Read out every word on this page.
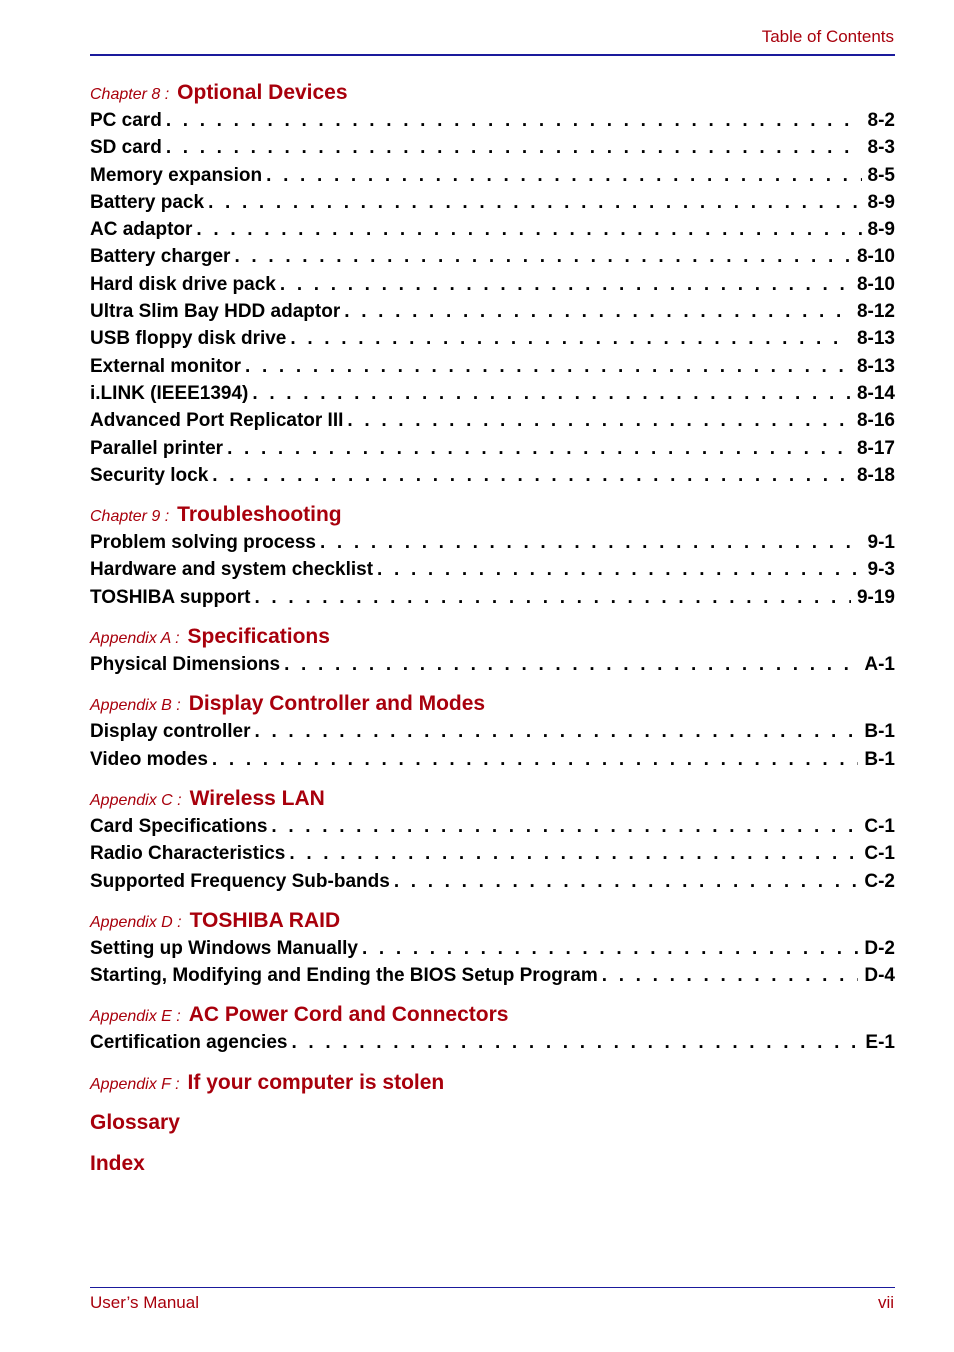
Table of Contents
Chapter 8 : Optional Devices
PC card . . .	8-2
SD card . . .	8-3
Memory expansion . . .	8-5
Battery pack . . .	8-9
AC adaptor . . .	8-9
Battery charger . . .	8-10
Hard disk drive pack . . .	8-10
Ultra Slim Bay HDD adaptor . . .	8-12
USB floppy disk drive . . .	8-13
External monitor . . .	8-13
i.LINK (IEEE1394) . . .	8-14
Advanced Port Replicator III . . .	8-16
Parallel printer . . .	8-17
Security lock . . .	8-18
Chapter 9 : Troubleshooting
Problem solving process . . .	9-1
Hardware and system checklist . . .	9-3
TOSHIBA support . . .	9-19
Appendix A : Specifications
Physical Dimensions . . .	A-1
Appendix B : Display Controller and Modes
Display controller . . .	B-1
Video modes . . .	B-1
Appendix C : Wireless LAN
Card Specifications . . .	C-1
Radio Characteristics . . .	C-1
Supported Frequency Sub-bands . . .	C-2
Appendix D : TOSHIBA RAID
Setting up Windows Manually . . .	D-2
Starting, Modifying and Ending the BIOS Setup Program . . .	D-4
Appendix E : AC Power Cord and Connectors
Certification agencies . . .	E-1
Appendix F : If your computer is stolen
Glossary
Index
User’s Manual	vii
